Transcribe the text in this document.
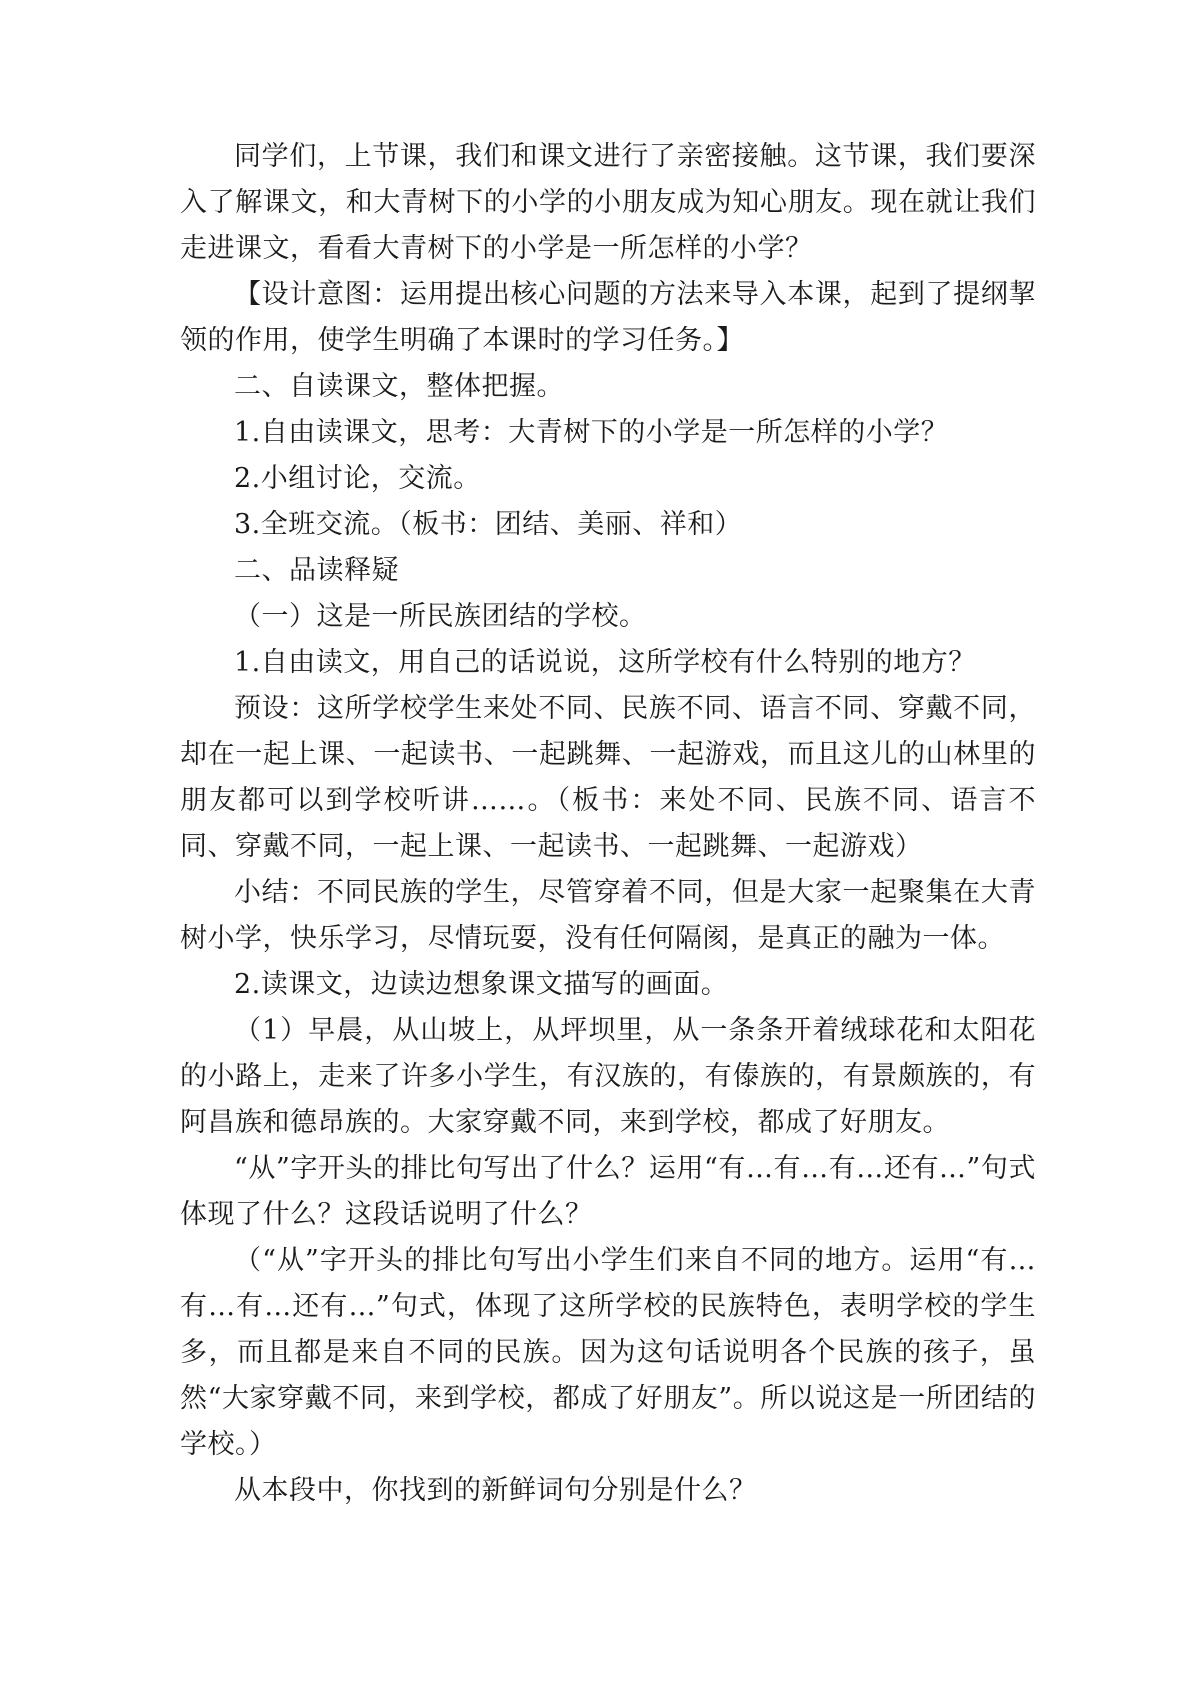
同学们，上节课，我们和课文进行了亲密接触。这节课，我们要深入了解课文，和大青树下的小学的小朋友成为知心朋友。现在就让我们走进课文，看看大青树下的小学是一所怎样的小学？

【设计意图：运用提出核心问题的方法来导入本课，起到了提纲挈领的作用，使学生明确了本课时的学习任务。】

二、自读课文，整体把握。

1.自由读课文，思考：大青树下的小学是一所怎样的小学？

2.小组讨论，交流。

3.全班交流。（板书：团结、美丽、祥和）

二、品读释疑

（一）这是一所民族团结的学校。

1.自由读文，用自己的话说说，这所学校有什么特别的地方？

预设：这所学校学生来处不同、民族不同、语言不同、穿戴不同，却在一起上课、一起读书、一起跳舞、一起游戏，而且这儿的山林里的朋友都可以到学校听讲……。（板书：来处不同、民族不同、语言不同、穿戴不同，一起上课、一起读书、一起跳舞、一起游戏）

小结：不同民族的学生，尽管穿着不同，但是大家一起聚集在大青树小学，快乐学习，尽情玩耍，没有任何隔阂，是真正的融为一体。

2.读课文，边读边想象课文描写的画面。

（1）早晨，从山坡上，从坪坝里，从一条条开着绒球花和太阳花的小路上，走来了许多小学生，有汉族的，有傣族的，有景颇族的，有阿昌族和德昂族的。大家穿戴不同，来到学校，都成了好朋友。

“从”字开头的排比句写出了什么？运用“有…有…有…还有…”句式体现了什么？这段话说明了什么？

（“从”字开头的排比句写出小学生们来自不同的地方。运用“有…有…有…还有…”句式，体现了这所学校的民族特色，表明学校的学生多，而且都是来自不同的民族。因为这句话说明各个民族的孩子，虽然“大家穿戴不同，来到学校，都成了好朋友”。所以说这是一所团结的学校。）

从本段中，你找到的新鲜词句分别是什么？
